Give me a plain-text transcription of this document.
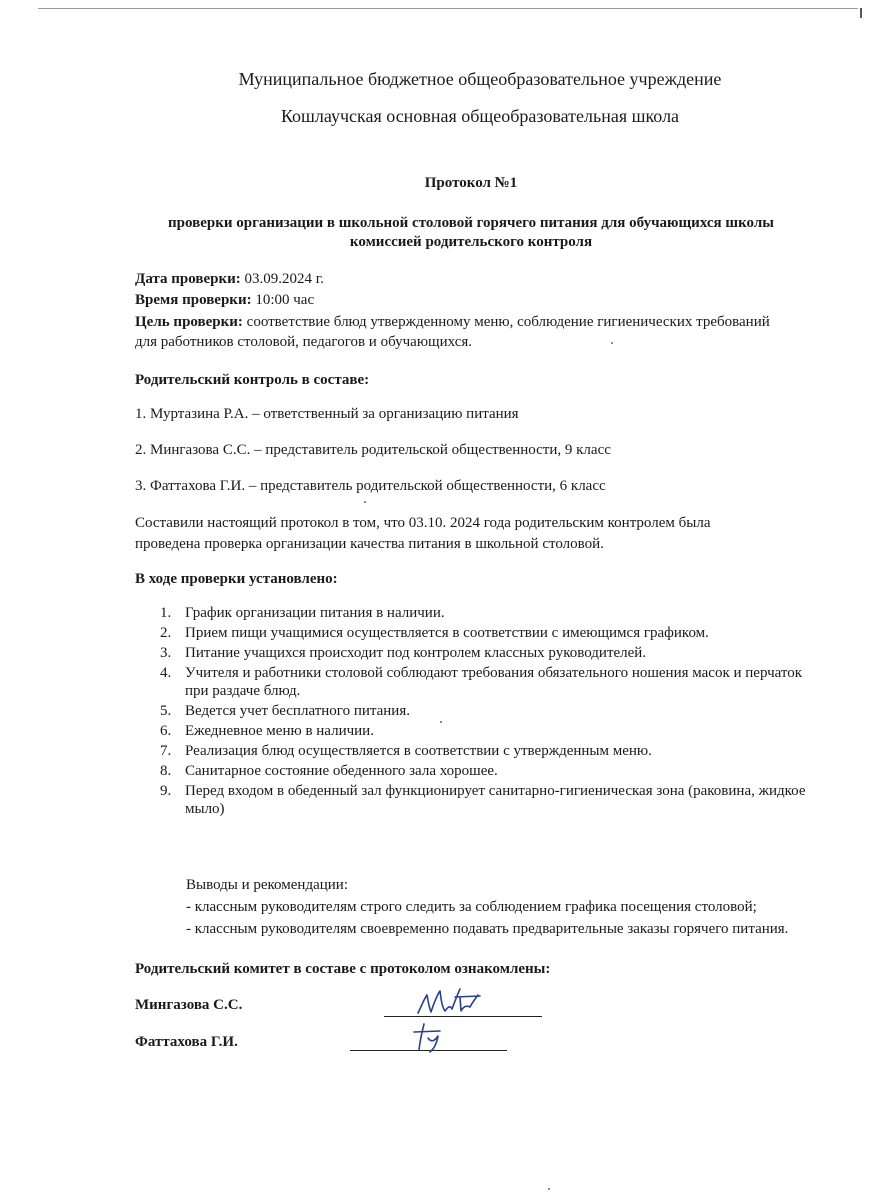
Муниципальное бюджетное общеобразовательное учреждение
Кошлаучская основная общеобразовательная школа
Протокол №1
проверки организации в школьной столовой горячего питания для обучающихся школы
комиссией родительского контроля
Дата проверки: 03.09.2024 г.
Время проверки: 10:00 час
Цель проверки: соответствие блюд утвержденному меню, соблюдение гигиенических требований
для работников столовой, педагогов и обучающихся.
Родительский контроль в составе:
1. Муртазина Р.А. – ответственный за организацию питания
2. Мингазова С.С. – представитель родительской общественности, 9 класс
3. Фаттахова Г.И. – представитель родительской общественности, 6 класс
Составили настоящий протокол в том, что 03.10. 2024 года родительским контролем была
проведена проверка организации качества питания в школьной столовой.
В ходе проверки установлено:
1. График организации питания в наличии.
2. Прием пищи учащимися осуществляется в соответствии с имеющимся графиком.
3. Питание учащихся происходит под контролем классных руководителей.
4. Учителя и работники столовой соблюдают требования обязательного ношения масок и перчаток при раздаче блюд.
5. Ведется учет бесплатного питания.
6. Ежедневное меню в наличии.
7. Реализация блюд осуществляется в соответствии с утвержденным меню.
8. Санитарное состояние обеденного зала хорошее.
9. Перед входом в обеденный зал функционирует санитарно-гигиеническая зона (раковина, жидкое мыло)
Выводы и рекомендации:
- классным руководителям строго следить за соблюдением графика посещения столовой;
- классным руководителям своевременно подавать предварительные заказы горячего питания.
Родительский комитет в составе с протоколом ознакомлены:
Мингазова С.С.
Фаттахова Г.И.
